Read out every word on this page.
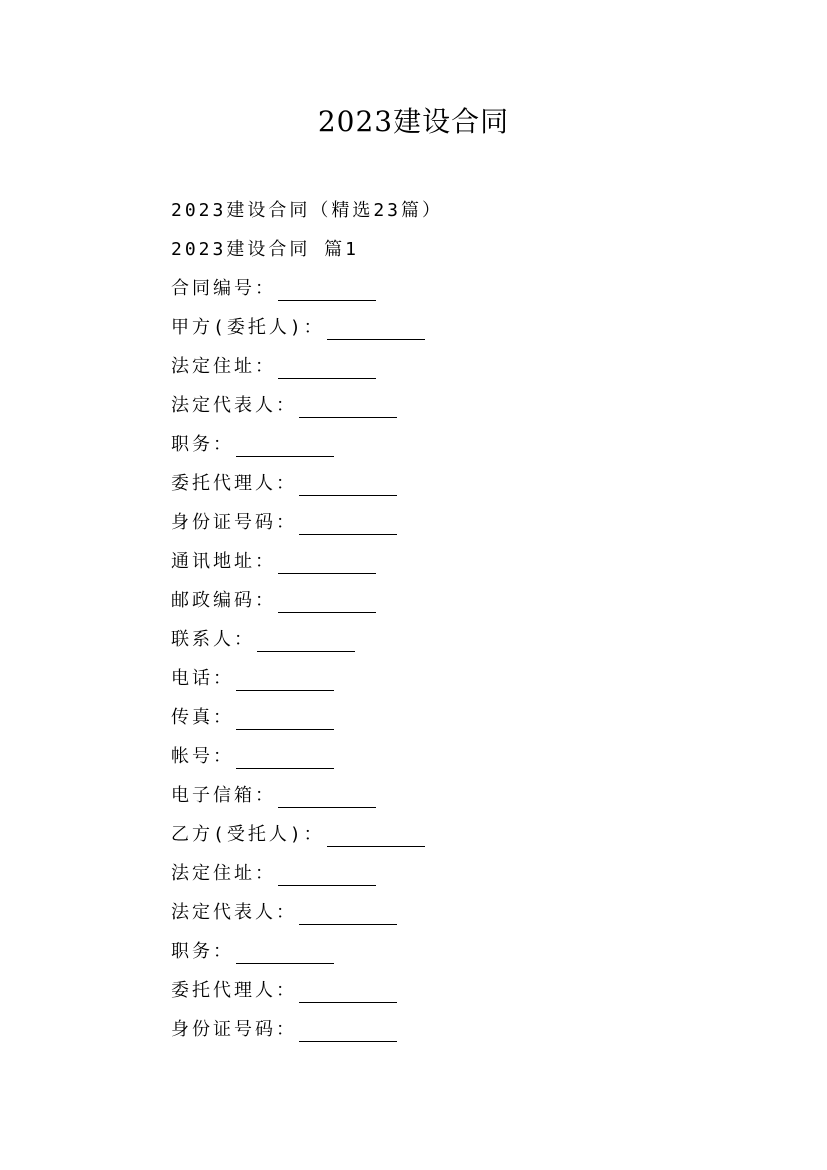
2023建设合同
2023建设合同（精选23篇）
2023建设合同 篇1
合同编号：
甲方(委托人)：
法定住址：
法定代表人：
职务：
委托代理人：
身份证号码：
通讯地址：
邮政编码：
联系人：
电话：
传真：
帐号：
电子信箱：
乙方(受托人)：
法定住址：
法定代表人：
职务：
委托代理人：
身份证号码：
